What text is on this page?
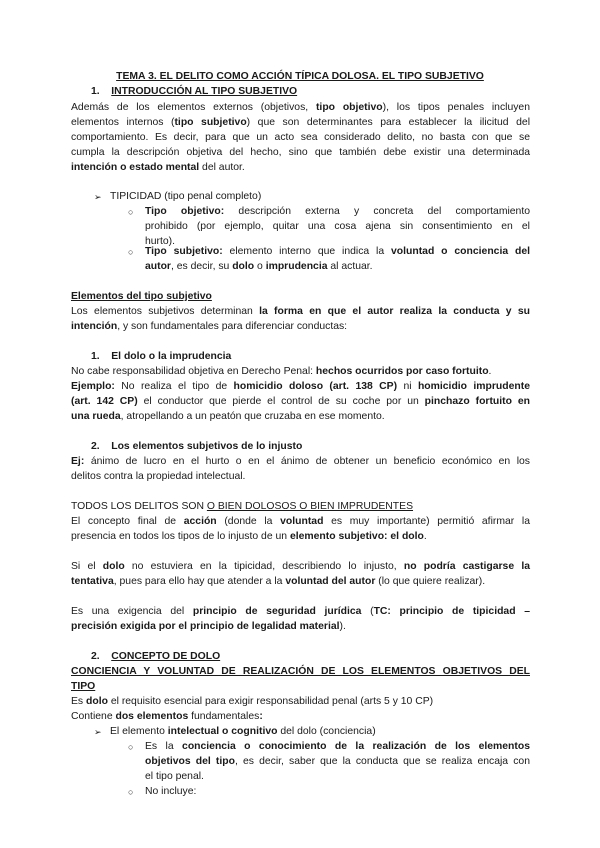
TEMA 3. EL DELITO COMO ACCIÓN TÍPICA DOLOSA. EL TIPO SUBJETIVO
1. INTRODUCCIÓN AL TIPO SUBJETIVO
Además de los elementos externos (objetivos, tipo objetivo), los tipos penales incluyen
elementos internos (tipo subjetivo) que son determinantes para establecer la ilicitud del
comportamiento. Es decir, para que un acto sea considerado delito, no basta con que se
cumpla la descripción objetiva del hecho, sino que también debe existir una determinada
intención o estado mental del autor.
➢ TIPICIDAD (tipo penal completo)
○ Tipo objetivo: descripción externa y concreta del comportamiento
prohibido (por ejemplo, quitar una cosa ajena sin consentimiento en el
hurto).
○ Tipo subjetivo: elemento interno que indica la voluntad o conciencia del
autor, es decir, su dolo o imprudencia al actuar.
Elementos del tipo subjetivo
Los elementos subjetivos determinan la forma en que el autor realiza la conducta y su
intención, y son fundamentales para diferenciar conductas:
1. El dolo o la imprudencia
No cabe responsabilidad objetiva en Derecho Penal: hechos ocurridos por caso fortuito.
Ejemplo: No realiza el tipo de homicidio doloso (art. 138 CP) ni homicidio imprudente
(art. 142 CP) el conductor que pierde el control de su coche por un pinchazo fortuito en
una rueda, atropellando a un peatón que cruzaba en ese momento.
2. Los elementos subjetivos de lo injusto
Ej: ánimo de lucro en el hurto o en el ánimo de obtener un beneficio económico en los
delitos contra la propiedad intelectual.
TODOS LOS DELITOS SON O BIEN DOLOSOS O BIEN IMPRUDENTES
El concepto final de acción (donde la voluntad es muy importante) permitió afirmar la
presencia en todos los tipos de lo injusto de un elemento subjetivo: el dolo.
Si el dolo no estuviera en la tipicidad, describiendo lo injusto, no podría castigarse la
tentativa, pues para ello hay que atender a la voluntad del autor (lo que quiere realizar).
Es una exigencia del principio de seguridad jurídica (TC: principio de tipicidad –
precisión exigida por el principio de legalidad material).
2. CONCEPTO DE DOLO
CONCIENCIA Y VOLUNTAD DE REALIZACIÓN DE LOS ELEMENTOS OBJETIVOS DEL
TIPO
Es dolo el requisito esencial para exigir responsabilidad penal (arts 5 y 10 CP)
Contiene dos elementos fundamentales:
➢ El elemento intelectual o cognitivo del dolo (conciencia)
○ Es la conciencia o conocimiento de la realización de los elementos
objetivos del tipo, es decir, saber que la conducta que se realiza encaja con
el tipo penal.
○ No incluye:
